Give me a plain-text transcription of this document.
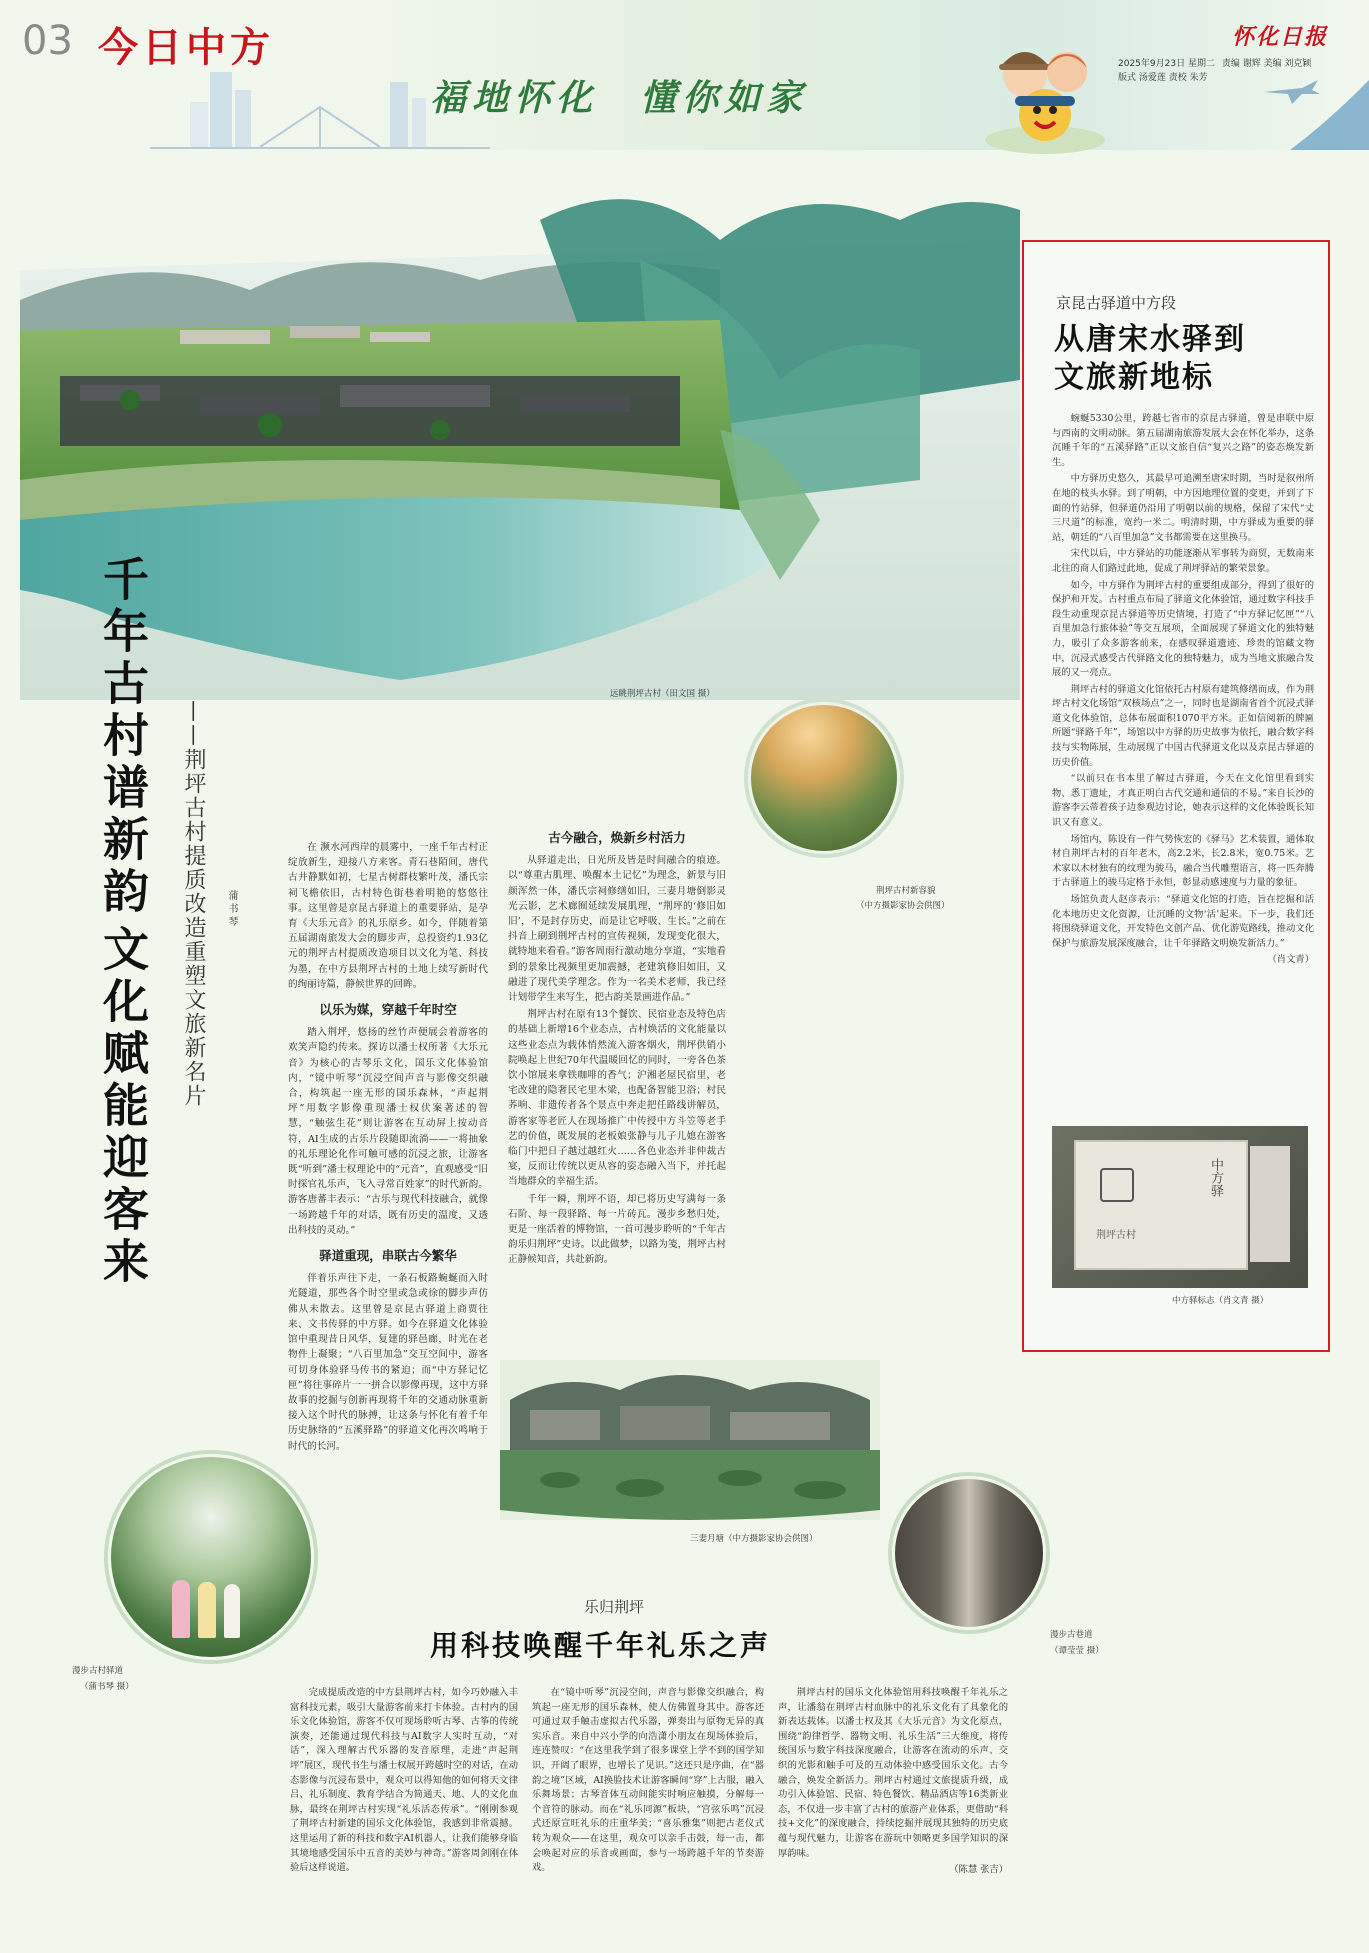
03 今日中方
福地怀化　懂你如家
怀化日报
2025年9月23日 星期二 责编 谢辉 美编 刘克颖
版式 汤爱莲 责校 朱芳
远眺荆坪古村（田文国 摄）
千年古村谱新韵
文化赋能迎客来 ——荆坪古村提质改造重塑文旅新名片	蒲 书 琴	荆坪古村新容貌
（中方摄影家协会供图）

在 濒水河西岸的晨雾中，一座千年古村正绽放新生，迎接八方来客。青石巷陌间，唐代古井静默如初，七星古树群枝繁叶茂，潘氏宗祠飞檐依旧，古村特色街巷着明艳的悠悠往事。这里曾是京昆古驿道上的重要驿站，是孕育《大乐元音》的礼乐原乡。如今，伴随着第五届湖南旅发大会的脚步声，总投资约1.93亿元的荆坪古村提质改造项目以文化为笔、科技为墨，在中方县荆坪古村的土地上续写新时代的绚丽诗篇，静候世界的回眸。

以乐为媒，穿越千年时空

踏入荆坪，悠扬的丝竹声便展会着游客的欢笑声隐约传来。探访以潘士权所著《大乐元音》为核心的吉琴乐文化，国乐文化体验馆内，“镜中听琴”沉浸空间声音与影像交织融合，构筑起一座无形的国乐森林，“声起荆坪”用数字影像重现潘士权伏案著述的智慧，“触弦生花”则让游客在互动屏上按动音符，AI生成的古乐片段随即流淌——一将抽象的礼乐理论化作可触可感的沉浸之旅，让游客既“听到”潘士权理论中的“元音”，直观感受“旧时探官礼乐声，飞入寻常百姓家”的时代新韵。游客唐蕃丰表示：“古乐与现代科技融合，就像一场跨越千年的对话，既有历史的温度，又透出科技的灵动。”

驿道重现，串联古今繁华

伴着乐声往下走，一条石板路蜿蜒而入时光隧道，那些各个时空里或急或徐的脚步声仿佛从未散去。这里曾是京昆古驿道上商贾往来、文书传驿的中方驿。如今在驿道文化体验馆中重现昔日风华，复建的驿邑廊，时光在老物件上凝聚；“八百里加急”交互空间中，游客可切身体验驿马传书的紧迫；而“中方驿记忆匣”将往事碎片一一拼合以影像再现，这中方驿故事的挖掘与创新再现将千年的交通动脉重新接入这个时代的脉搏，让这条与怀化有着千年历史脉络的“五溪驿路”的驿道文化再次鸣响于时代的长河。

古今融合，焕新乡村活力

从驿道走出，日光所及皆是时间融合的痕迹。以“尊重古肌理、唤醒本土记忆”为理念，新景与旧颜浑然一体，潘氏宗祠修缮如旧，三妻月塘倒影灵光云影，艺术廊囿延续发展肌理，“荆坪的‘修旧如旧’，不是封存历史，而是让它呼吸、生长。”之前在抖音上刷到荆坪古村的宣传视频，发现变化很大，就特地来看看。”游客周雨行激动地分享道，“实地看到的景象比视频里更加震撼，老建筑修旧如旧，又融进了现代美学理念。作为一名美术老师，我已经计划带学生来写生，把古韵美景画进作品。”

荆坪古村在原有13个餐饮、民宿业态及特色店的基础上新增16个业态点，古村焕活的文化能量以这些业态点为载体悄然流入游客烟火，荆坪供销小院唤起上世纪70年代温暖回忆的同时，一旁各色茶饮小馆展来拿铁咖啡的香气；沪湘老屋民宿里，老宅改建的隐奢民宅里木梁，也配备智能卫浴；村民荞响、非遗传者各个景点中奔走把任路线讲解员，游客家等老匠人在现场推广中传授中方斗笠等老手艺的价值，既发展的老板娘张静与儿子儿媳在游客临门中把日子越过越红火……各色业态并非仲裁古宴，反而让传统以更从容的姿态融入当下，并托起当地群众的幸福生活。

千年一瞬，荆坪不语，却已将历史写满每一条石阶、每一段驿路、每一片砖瓦。漫步乡愁归处，更是一座活着的博物馆，一首可漫步聆听的“千年古韵乐归荆坪”史诗。以此做梦，以路为笺，荆坪古村正静候知音，共赴新韵。

京昆古驿道中方段
从唐宋水驿到
文旅新地标

蜿蜒5330公里，跨越七省市的京昆古驿道，曾是串联中原与西南的文明动脉。第五届湖南旅游发展大会在怀化举办，这条沉睡千年的“五溪驿路”正以文旅自信“复兴之路”的姿态焕发新生。

中方驿历史悠久，其最早可追溯至唐宋时期，当时是叙州所在地的枝头水驿。到了明朝，中方因地理位置的变更，并到了下面的竹站驿，但驿道仍沿用了明朝以前的规格，保留了宋代“丈三尺道”的标准，宽约一米二。明清时期，中方驿成为重要的驿站，朝廷的“八百里加急”文书都需要在这里换马。

宋代以后，中方驿站的功能逐渐从军事转为商贸，无数南来北往的商人们路过此地，促成了荆坪驿站的繁荣景象。

如今，中方驿作为荆坪古村的重要组成部分，得到了很好的保护和开发。古村重点布局了驿道文化体验馆，通过数字科技手段生动重现京昆古驿道等历史情境，打造了“中方驿记忆匣”“八百里加急行旅体验”等交互展项，全面展现了驿道文化的独特魅力，吸引了众多游客前来，在感叹驿道遗迹、珍贵的馆藏文物中，沉浸式感受古代驿路文化的独特魅力，成为当地文旅融合发展的又一亮点。

荆坪古村的驿道文化馆依托古村原有建筑修缮而成，作为荆坪古村文化场馆“双核场点”之一，同时也是湖南省首个沉浸式驿道文化体验馆，总体布展面积1070平方米。正如信阅新的牌匾所题“驿路千年”，场馆以中方驿的历史故事为依托，融合数字科技与实物陈展，生动展现了中国古代驿道文化以及京昆古驿道的历史价值。

“以前只在书本里了解过古驿道，今天在文化馆里看到实物、悉丁遗址，才真正明白古代交通和通信的不易。”来自长沙的游客李云蒂着孩子边参观边讨论，她表示这样的文化体验既长知识又有意义。

场馆内，陈设有一件气势恢宏的《驿马》艺术装置，通体取材自荆坪古村的百年老木，高2.2米，长2.8米，宽0.75米。艺术家以木材独有的纹理为骏马，融合当代雕塑语言，将一匹奔腾于古驿道上的骏马定格于永恒，彰显动感速度与力量的象征。

场馆负责人赵彦表示：“驿道文化馆的打造，旨在挖掘和活化本地历史文化资源，让沉睡的文物‘活’起来。下一步，我们还将围绕驿道文化，开发特色文创产品、优化游览路线，推动文化保护与旅游发展深度融合，让千年驿路文明焕发新活力。”

（肖文青）
中方驿
荆坪古村
中方驿标志（肖文青 摄）
三妻月塘（中方摄影家协会供图）
漫步古村驿道
（蒲书琴 摄）
漫步古巷道
（谭莹莹 摄）
乐归荆坪
用科技唤醒千年礼乐之声

完成提质改造的中方县荆坪古村，如今巧妙融入丰富科技元素，吸引大量游客前来打卡体验。古村内的国乐文化体验馆，游客不仅可现场聆听古琴、古筝的传统演奏，还能通过现代科技与AI数字人实时互动，“对话”，深入理解古代乐器的发音原理，走进“声起荆坪”展区，现代书生与潘士权展开跨越时空的对话，在动态影像与沉浸布景中，观众可以得知他的如何将天文律吕、礼乐制度、教育学结合为简通天、地、人的文化血脉，最终在荆坪古村实现“礼乐活态传承”。“刚刚参观了荆坪古村新建的国乐文化体验馆，我感到非常震撼。这里运用了新的科技和数字AI机器人，让我们能够身临其境地感受国乐中五音的美妙与神奇。”游客周剑刚在体验后这样说道。

在“镜中听琴”沉浸空间，声音与影像交织融合，构筑起一座无形的国乐森林，使人仿佛置身其中。游客还可通过双手触击虚拟古代乐器，弹奏出与原物无异的真实乐音。来自中兴小学的向浩潇小朋友在现场体验后，连连赞叹：“在这里我学到了很多课堂上学不到的国学知识，开阔了眼界，也增长了见识。”这还只是序曲，在“器韵之境”区域，AI换脸技术让游客瞬间“穿”上古服，融入乐舞场景；古琴音体互动间能实时响应触摸，分解每一个音符的脉动。而在“礼乐同源”板块，“宫弦乐鸣”沉浸式还原宣旺礼乐的庄重华美；“喜乐雅集”则把古老仪式转为观众——在这里，观众可以亲手击鼓，每一击，都会唤起对应的乐音或画面，参与一场跨越千年的节奏游戏。

荆坪古村的国乐文化体验馆用科技唤醒千年礼乐之声，让潘翁在荆坪古村血脉中的礼乐文化有了具象化的新表达载体。以潘士权及其《大乐元音》为文化原点，围绕“韵律哲学、器物文明、礼乐生活”三大维度，将传统国乐与数字科技深度融合，让游客在流动的乐声、交织的光影和触手可及的互动体验中感受国乐文化。古今融合，焕发全新活力。荆坪古村通过文旅提质升级，成功引入体验馆、民宿、特色餐饮、精品酒店等16类新业态，不仅进一步丰富了古村的旅游产业体系，更借助“科技+文化”的深度融合，持续挖掘并展现其独特的历史底蕴与现代魅力，让游客在游玩中领略更多国学知识的深厚韵味。

（陈慧 张吉）
